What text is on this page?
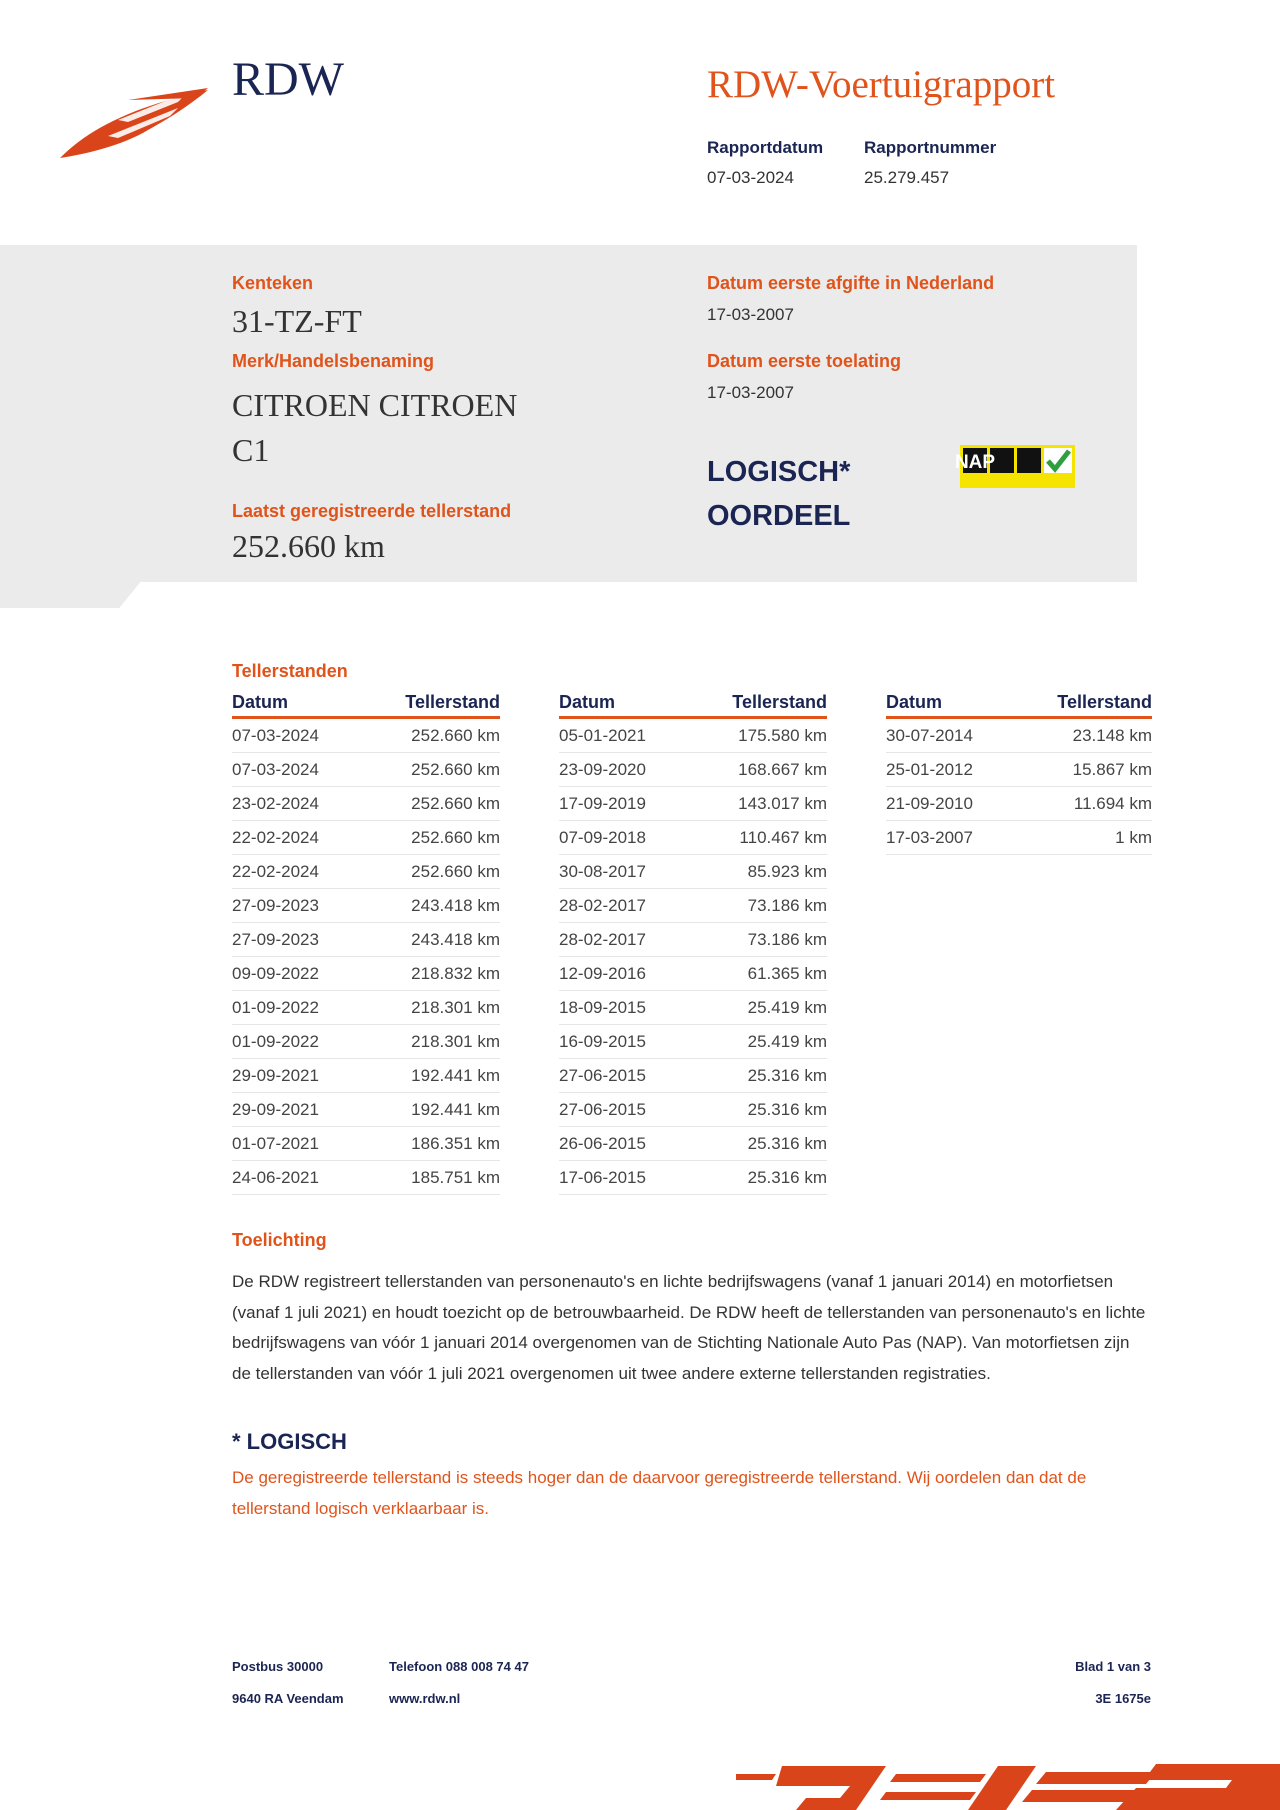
RDW	RDW-Voertuigrapport
Rapportdatum Rapportnummer
07-03-2024	25.279.457
Kenteken
31-TZ-FT
Merk/Handelsbenaming
CITROEN CITROEN C1
Laatst geregistreerde tellerstand
252.660 km
Datum eerste afgifte in Nederland
17-03-2007
Datum eerste toelating
17-03-2007
LOGISCH*
OORDEEL
NAP
Tellerstanden
Datum	Tellerstand
07-03-2024	252.660 km
07-03-2024	252.660 km
23-02-2024	252.660 km
22-02-2024	252.660 km
22-02-2024	252.660 km
27-09-2023	243.418 km
27-09-2023	243.418 km
09-09-2022	218.832 km
01-09-2022	218.301 km
01-09-2022	218.301 km
29-09-2021	192.441 km
29-09-2021	192.441 km
01-07-2021	186.351 km
24-06-2021	185.751 km
Datum	Tellerstand
05-01-2021	175.580 km
23-09-2020	168.667 km
17-09-2019	143.017 km
07-09-2018	110.467 km
30-08-2017	85.923 km
28-02-2017	73.186 km
28-02-2017	73.186 km
12-09-2016	61.365 km
18-09-2015	25.419 km
16-09-2015	25.419 km
27-06-2015	25.316 km
27-06-2015	25.316 km
26-06-2015	25.316 km
17-06-2015	25.316 km
Datum	Tellerstand
30-07-2014	23.148 km
25-01-2012	15.867 km
21-09-2010	11.694 km
17-03-2007	1 km
Toelichting
De RDW registreert tellerstanden van personenauto's en lichte bedrijfswagens (vanaf 1 januari 2014) en motorfietsen (vanaf 1 juli 2021) en houdt toezicht op de betrouwbaarheid. De RDW heeft de tellerstanden van personenauto's en lichte bedrijfswagens van vóór 1 januari 2014 overgenomen van de Stichting Nationale Auto Pas (NAP). Van motorfietsen zijn de tellerstanden van vóór 1 juli 2021 overgenomen uit twee andere externe tellerstanden registraties.
* LOGISCH
De geregistreerde tellerstand is steeds hoger dan de daarvoor geregistreerde tellerstand. Wij oordelen dan dat de tellerstand logisch verklaarbaar is.
Postbus 30000
9640 RA Veendam
Telefoon 088 008 74 47
www.rdw.nl
Blad 1 van 3
3E 1675e
